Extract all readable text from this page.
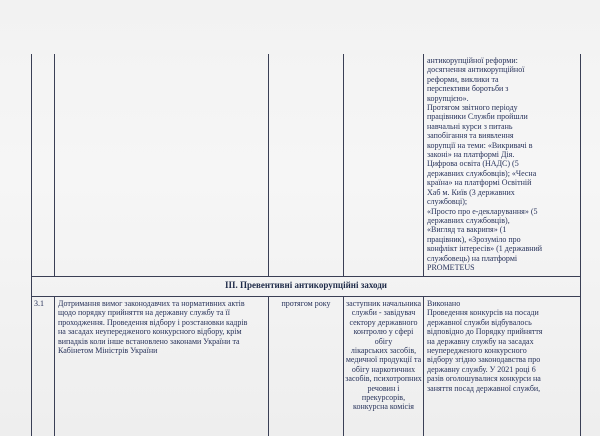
антикорупційної реформи:
досягнення антикорупційної
реформи, виклики та
перспективи боротьби з
корупцією».
Протягом звітного періоду
працівники Служби пройшли
навчальні курси з питань
запобігання та виявлення
корупції на теми: «Викривачі в
законі» на платформі Дія.
Цифрова освіта (НАДС) (5
державних службовців); «Чесна
країна» на платформі Освітній
Хаб м. Київ (3 державних
службовці);
«Просто про е-декларування» (5
державних службовців),
«Вигляд та вакрипя» (1
працівник), «Зрозуміло про
конфлікт інтересів» (1 державний
службовець) на платформі
PROMETEUS
ІІІ. Превентивні антикорупційні заходи
3.1	Дотримання вимог законодавчих та нормативних актів
щодо порядку прийняття на державну службу та її
проходження. Проведення відбору і розстановки кадрів
на засадах неупередженого конкурсного відбору, крім
випадків коли інше встановлено законами України та
Кабінетом Міністрів України
протягом року	заступник начальника
служби - завідувач
сектору державного
контролю у сфері обігу
лікарських засобів,
медичної продукції та
обігу наркотичних
засобів, психотропних
речовин і прекурсорів,
конкурсна комісія
Виконано
Проведення конкурсів на посади
державної служби відбувалось
відповідно до Порядку прийняття
на державну службу на засадах
неупередженого конкурсного
відбору згідно законодавства про
державну службу. У 2021 році 6
разів оголошувалися конкурси на
заняття посад державної служби,
